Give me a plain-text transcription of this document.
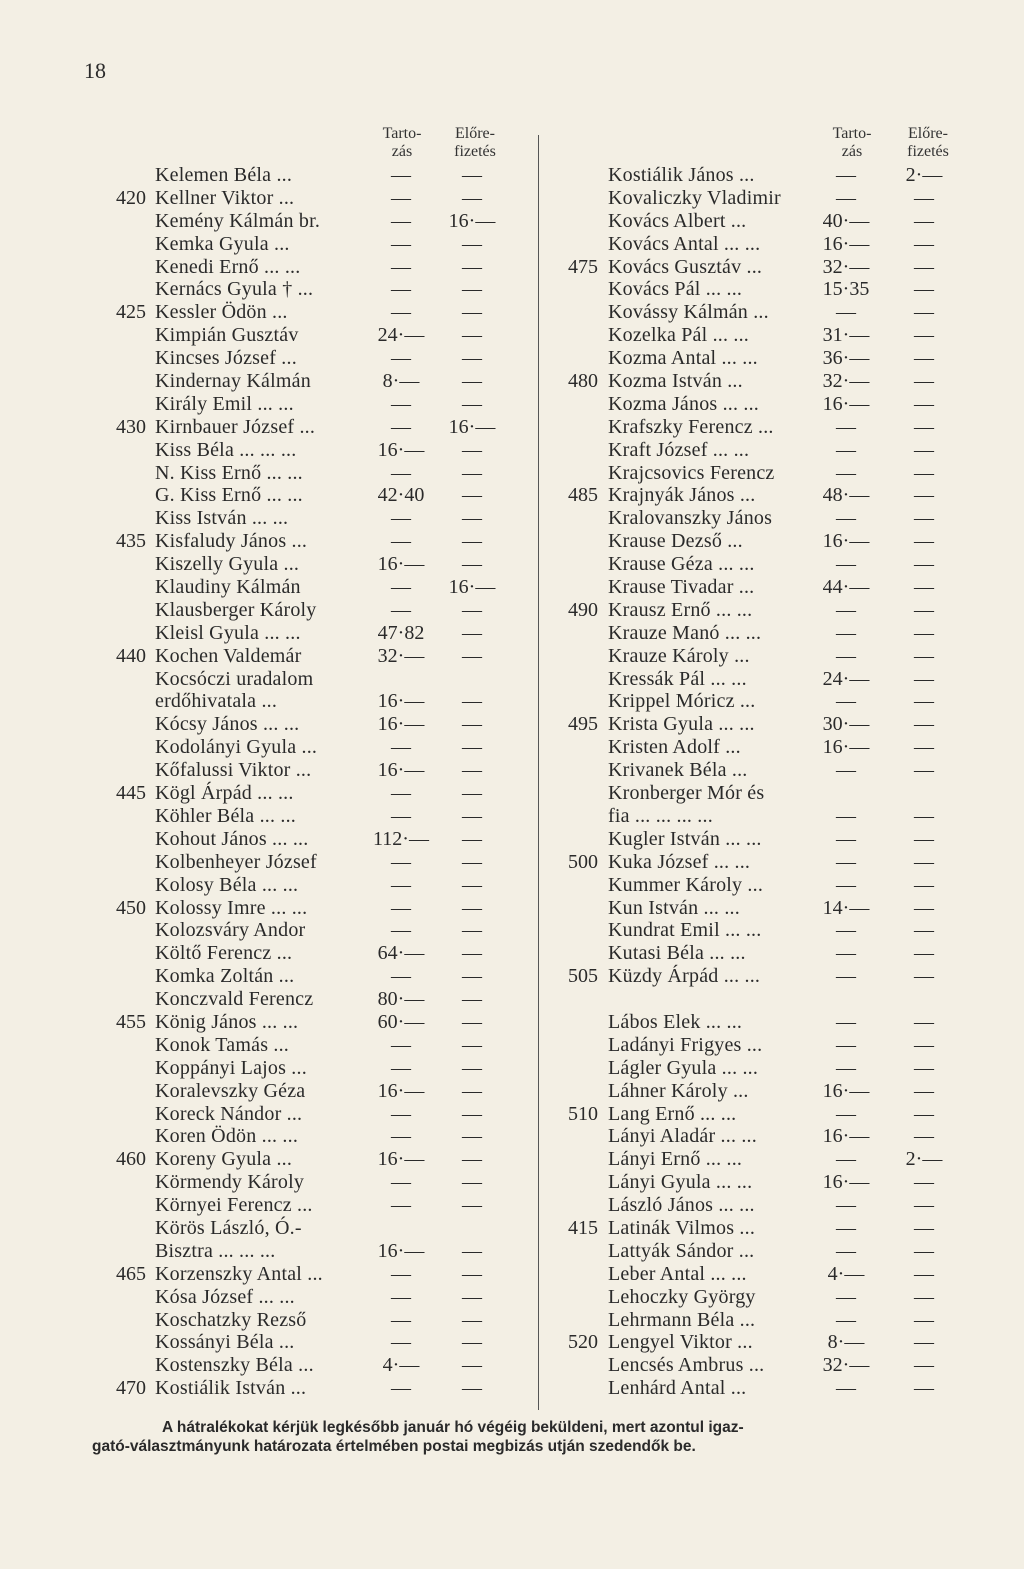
18
Tarto-
zás
Előre-
fizetés
Tarto-
zás
Előre-
fizetés
Kelemen Béla ...	—	—
420 Kellner Viktor ...	—	—
Kemény Kálmán br.	—	16·—
Kemka Gyula ...	—	—
Kenedi Ernő ... ...	—	—
Kernács Gyula † ...	—	—
425 Kessler Ödön ...	—	—
Kimpián Gusztáv	24·—	—
Kincses József ...	—	—
Kindernay Kálmán	8·—	—
Király Emil ... ...	—	—
430 Kirnbauer József ...	—	16·—
Kiss Béla ... ... ...	16·—	—
N. Kiss Ernő ... ...	—	—
G. Kiss Ernő ... ...	42·40	—
Kiss István ... ...	—	—
435 Kisfaludy János ...	—	—
Kiszelly Gyula ...	16·—	—
Klaudiny Kálmán	—	16·—
Klausberger Károly	—	—
Kleisl Gyula ... ...	47·82	—
440 Kochen Valdemár	32·—	—
Kocsóczi uradalom
erdőhivatala ...	16·—	—
Kócsy János ... ...	16·—	—
Kodolányi Gyula ...	—	—
Kőfalussi Viktor ...	16·—	—
445 Kögl Árpád ... ...	—	—
Köhler Béla ... ...	—	—
Kohout János ... ...	112·—	—
Kolbenheyer József	—	—
Kolosy Béla ... ...	—	—
450 Kolossy Imre ... ...	—	—
Kolozsváry Andor	—	—
Költő Ferencz ...	64·—	—
Komka Zoltán ...	—	—
Konczvald Ferencz	80·—	—
455 König János ... ...	60·—	—
Konok Tamás ...	—	—
Koppányi Lajos ...	—	—
Koralevszky Géza	16·—	—
Koreck Nándor ...	—	—
Koren Ödön ... ...	—	—
460 Koreny Gyula ...	16·—	—
Körmendy Károly	—	—
Környei Ferencz ...	—	—
Körös László, Ó.-
Bisztra ... ... ...	16·—	—
465 Korzenszky Antal ...	—	—
Kósa József ... ...	—	—
Koschatzky Rezső	—	—
Kossányi Béla ...	—	—
Kostenszky Béla ...	4·—	—
470 Kostiálik István ...	—	—
Kostiálik János ...	—	2·—
Kovaliczky Vladimir	—	—
Kovács Albert ...	40·—	—
Kovács Antal ... ...	16·—	—
475 Kovács Gusztáv ...	32·—	—
Kovács Pál ... ...	15·35	—
Kovássy Kálmán ...	—	—
Kozelka Pál ... ...	31·—	—
Kozma Antal ... ...	36·—	—
480 Kozma István ...	32·—	—
Kozma János ... ...	16·—	—
Krafszky Ferencz ...	—	—
Kraft József ... ...	—	—
Krajcsovics Ferencz	—	—
485 Krajnyák János ...	48·—	—
Kralovanszky János	—	—
Krause Dezső ...	16·—	—
Krause Géza ... ...	—	—
Krause Tivadar ...	44·—	—
490 Krausz Ernő ... ...	—	—
Krauze Manó ... ...	—	—
Krauze Károly ...	—	—
Kressák Pál ... ...	24·—	—
Krippel Móricz ...	—	—
495 Krista Gyula ... ...	30·—	—
Kristen Adolf ...	16·—	—
Krivanek Béla ...	—	—
Kronberger Mór és
fia ... ... ... ...	—	—
Kugler István ... ...	—	—
500 Kuka József ... ...	—	—
Kummer Károly ...	—	—
Kun István ... ...	14·—	—
Kundrat Emil ... ...	—	—
Kutasi Béla ... ...	—	—
505 Küzdy Árpád ... ...	—	—
Lábos Elek ... ...	—	—
Ladányi Frigyes ...	—	—
Lágler Gyula ... ...	—	—
Láhner Károly ...	16·—	—
510 Lang Ernő ... ...	—	—
Lányi Aladár ... ...	16·—	—
Lányi Ernő ... ...	—	2·—
Lányi Gyula ... ...	16·—	—
László János ... ...	—	—
415 Latinák Vilmos ...	—	—
Lattyák Sándor ...	—	—
Leber Antal ... ...	4·—	—
Lehoczky György	—	—
Lehrmann Béla ...	—	—
520 Lengyel Viktor ...	8·—	—
Lencsés Ambrus ...	32·—	—
Lenhárd Antal ...	—	—
A hátralékokat kérjük legkésőbb január hó végéig beküldeni, mert azontul igaz-
gató-választmányunk határozata értelmében postai megbizás utján szedendők be.
